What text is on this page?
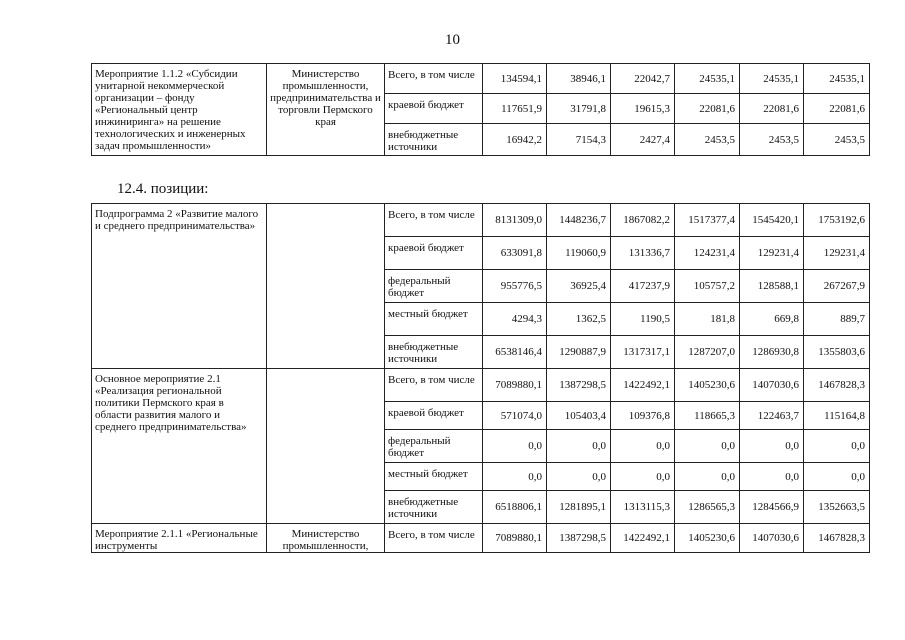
10
Мероприятие 1.1.2 «Субсидии унитарной некоммерческой организации – фонду «Региональный центр инжиниринга» на решение технологических и инженерных задач промышленности»	Министерство промышленности, предпринимательства и торговли Пермского края	Всего, в том числе	134594,1	38946,1	22042,7	24535,1	24535,1	24535,1
		краевой бюджет	117651,9	31791,8	19615,3	22081,6	22081,6	22081,6
		внебюджетные источники	16942,2	7154,3	2427,4	2453,5	2453,5	2453,5
12.4. позиции:
Подпрограмма 2 «Развитие малого и среднего предпринимательства»		Всего, в том числе	8131309,0	1448236,7	1867082,2	1517377,4	1545420,1	1753192,6
		краевой бюджет	633091,8	119060,9	131336,7	124231,4	129231,4	129231,4
		федеральный бюджет	955776,5	36925,4	417237,9	105757,2	128588,1	267267,9
		местный бюджет	4294,3	1362,5	1190,5	181,8	669,8	889,7
		внебюджетные источники	6538146,4	1290887,9	1317317,1	1287207,0	1286930,8	1355803,6
Основное мероприятие 2.1 «Реализация региональной политики Пермского края в области развития малого и среднего предпринимательства»		Всего, в том числе	7089880,1	1387298,5	1422492,1	1405230,6	1407030,6	1467828,3
		краевой бюджет	571074,0	105403,4	109376,8	118665,3	122463,7	115164,8
		федеральный бюджет	0,0	0,0	0,0	0,0	0,0	0,0
		местный бюджет	0,0	0,0	0,0	0,0	0,0	0,0
		внебюджетные источники	6518806,1	1281895,1	1313115,3	1286565,3	1284566,9	1352663,5
Мероприятие 2.1.1 «Региональные инструменты	Министерство промышленности,	Всего, в том числе	7089880,1	1387298,5	1422492,1	1405230,6	1407030,6	1467828,3
